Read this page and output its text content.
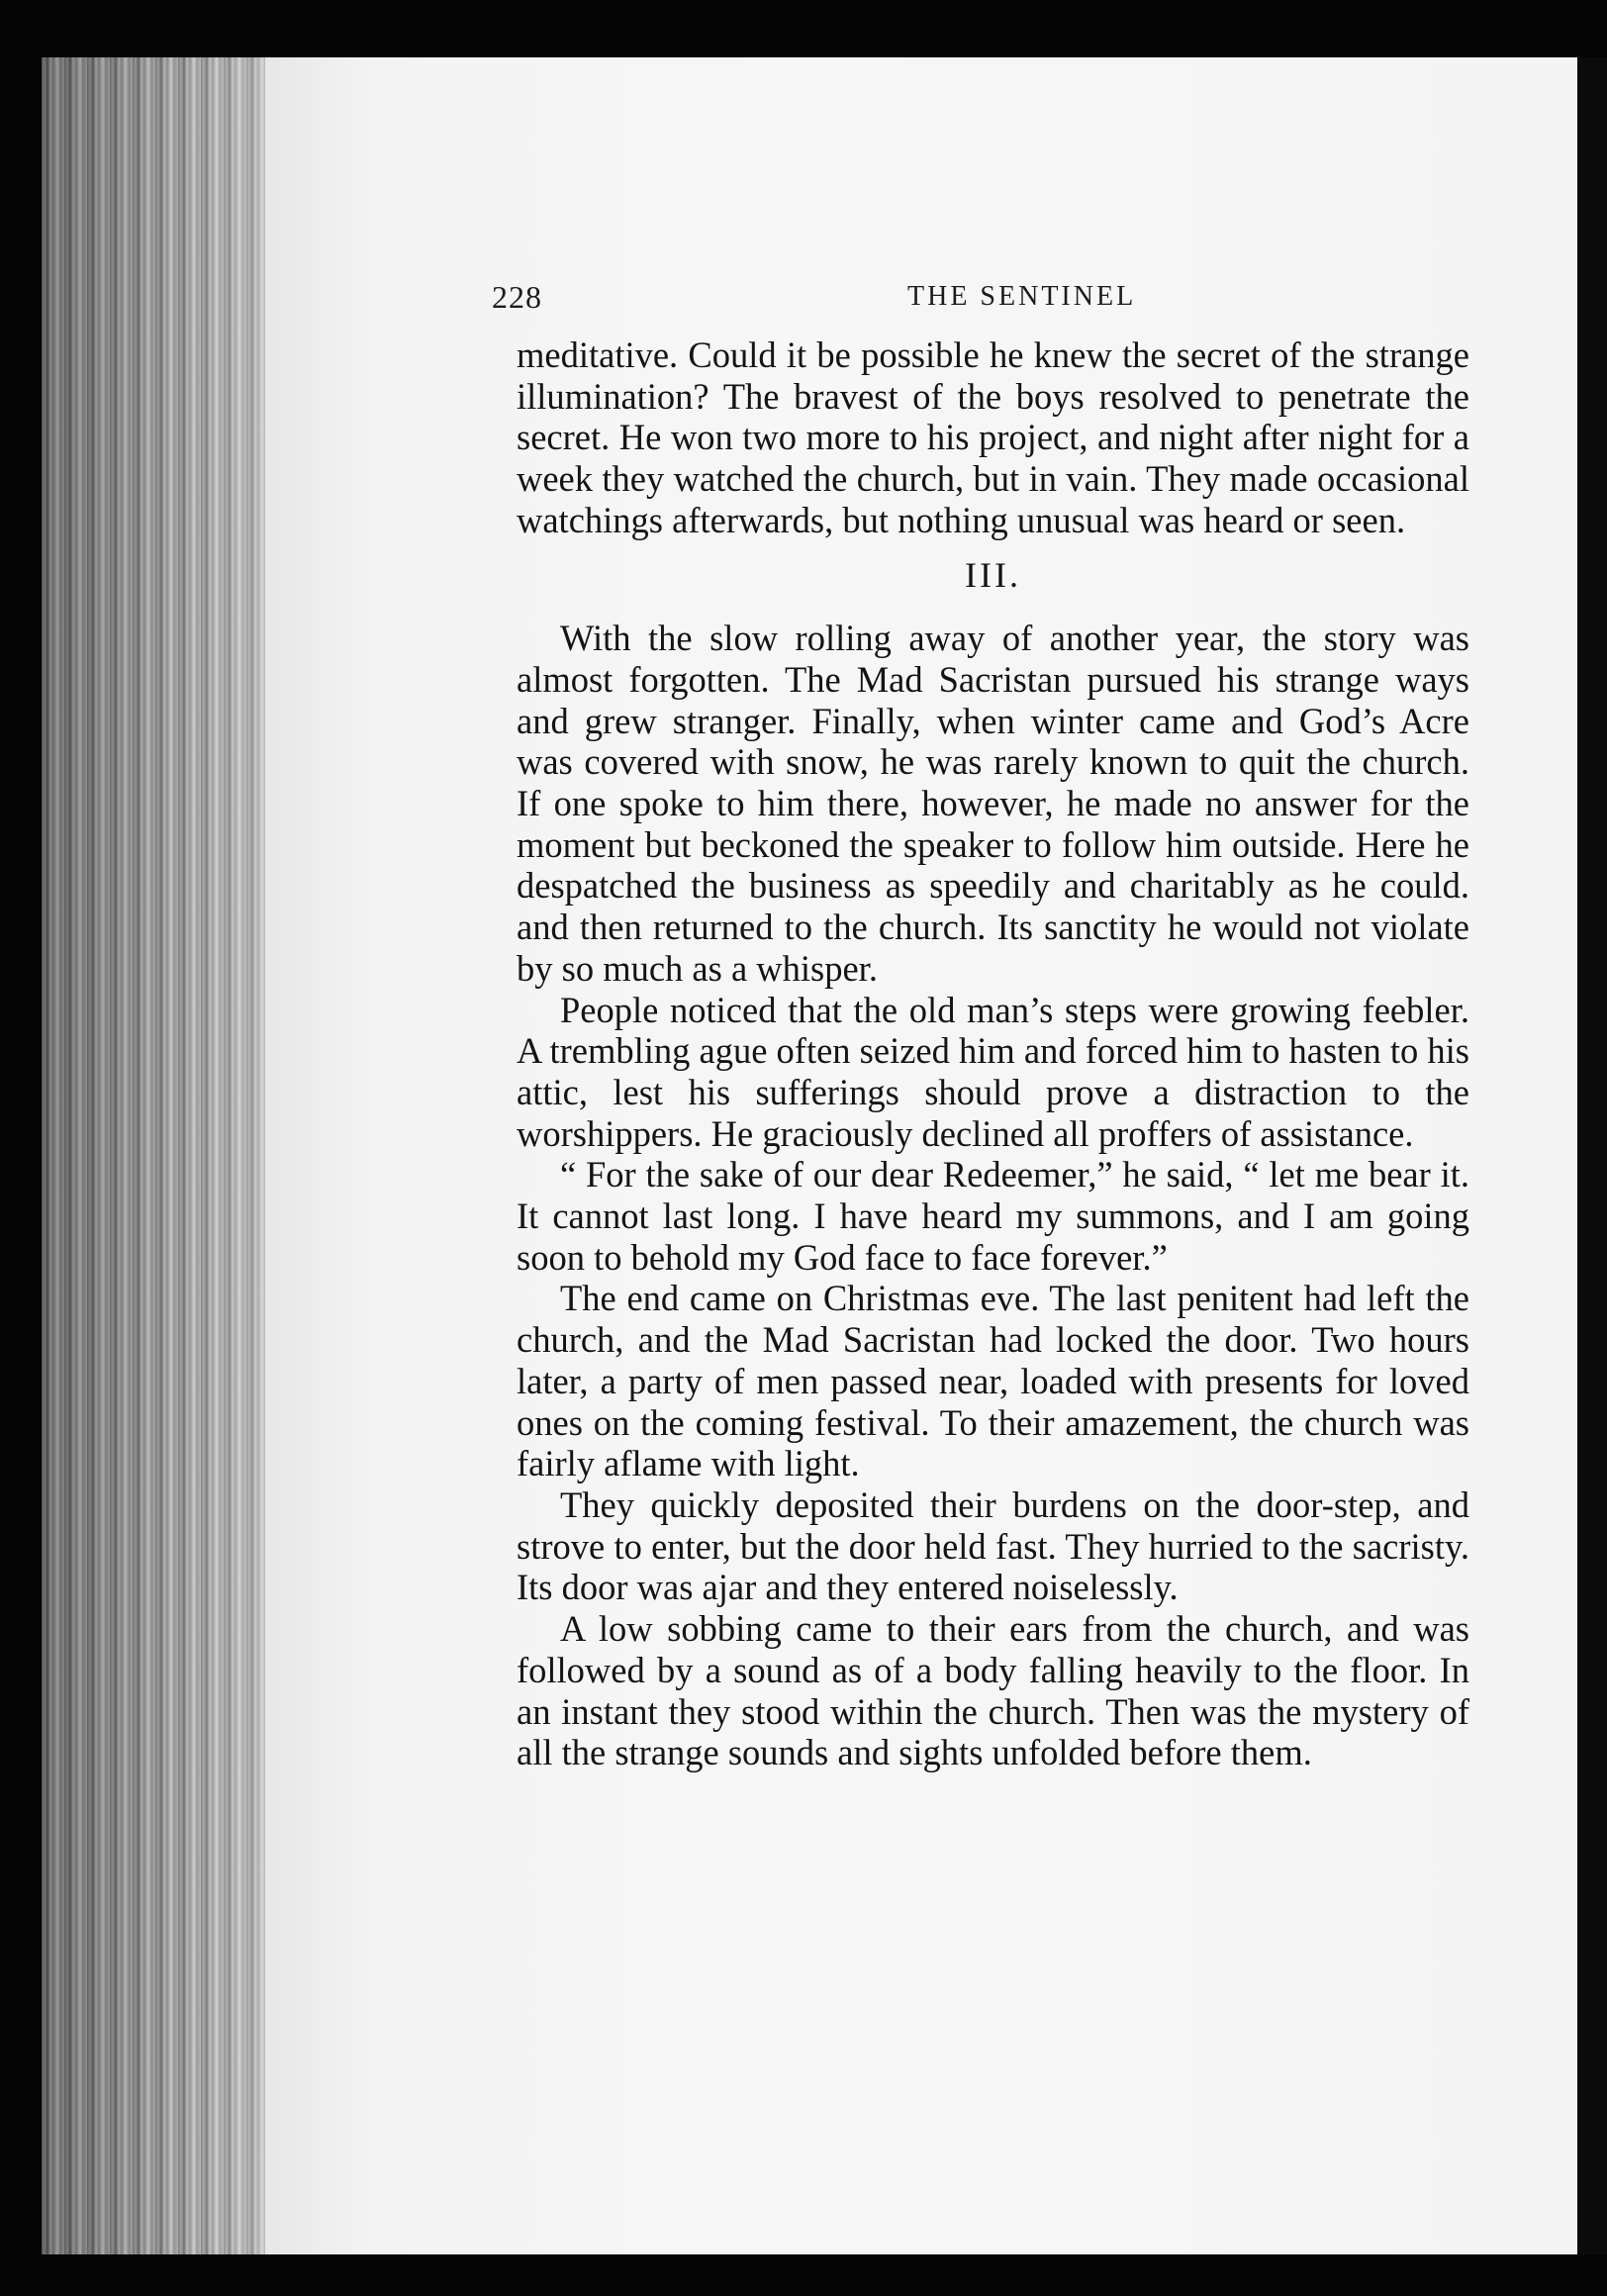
228	THE SENTINEL

meditative. Could it be possible he knew the secret of the strange illumination? The bravest of the boys resolved to penetrate the secret. He won two more to his project, and night after night for a week they watched the church, but in vain. They made occasional watchings afterwards, but nothing unusual was heard or seen.

III.

With the slow rolling away of another year, the story was almost forgotten. The Mad Sacristan pursued his strange ways and grew stranger. Finally, when winter came and God’s Acre was covered with snow, he was rarely known to quit the church. If one spoke to him there, however, he made no answer for the moment but beckoned the speaker to follow him outside. Here he despatched the business as speedily and charitably as he could. and then returned to the church. Its sanctity he would not violate by so much as a whisper.

People noticed that the old man’s steps were growing feebler. A trembling ague often seized him and forced him to hasten to his attic, lest his sufferings should prove a distraction to the worshippers. He graciously declined all proffers of assistance.

“ For the sake of our dear Redeemer,” he said, “ let me bear it. It cannot last long. I have heard my summons, and I am going soon to behold my God face to face forever.”

The end came on Christmas eve. The last penitent had left the church, and the Mad Sacristan had locked the door. Two hours later, a party of men passed near, loaded with presents for loved ones on the coming festival. To their amazement, the church was fairly aflame with light.

They quickly deposited their burdens on the door-step, and strove to enter, but the door held fast. They hurried to the sacristy. Its door was ajar and they entered noiselessly.

A low sobbing came to their ears from the church, and was followed by a sound as of a body falling heavily to the floor. In an instant they stood within the church. Then was the mystery of all the strange sounds and sights unfolded before them.
